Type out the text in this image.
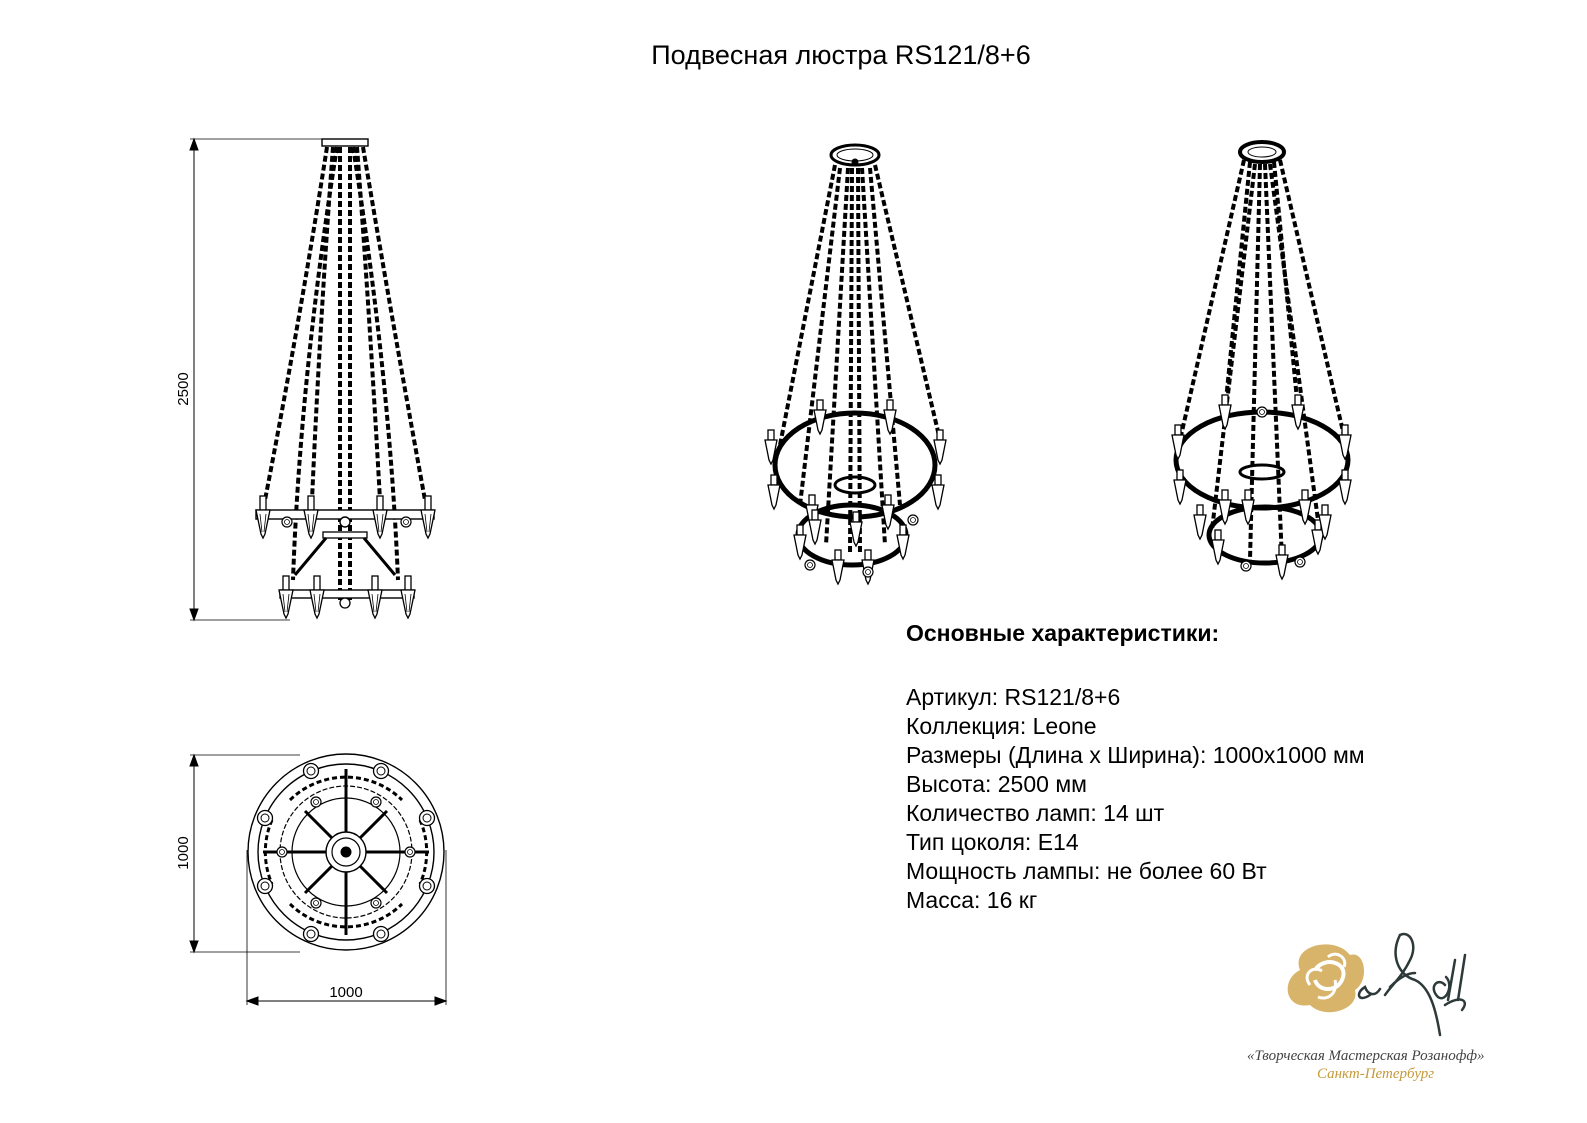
Подвесная люстра RS121/8+6
2500
1000
1000
Основные характеристики:
Артикул: RS121/8+6
Коллекция: Leone
Размеры (Длина х Ширина): 1000х1000 мм
Высота: 2500 мм
Количество ламп: 14 шт
Тип цоколя: E14
Мощность лампы: не более 60 Вт
Масса: 16 кг
«Творческая Мастерская Розанофф»
Санкт-Петербург
